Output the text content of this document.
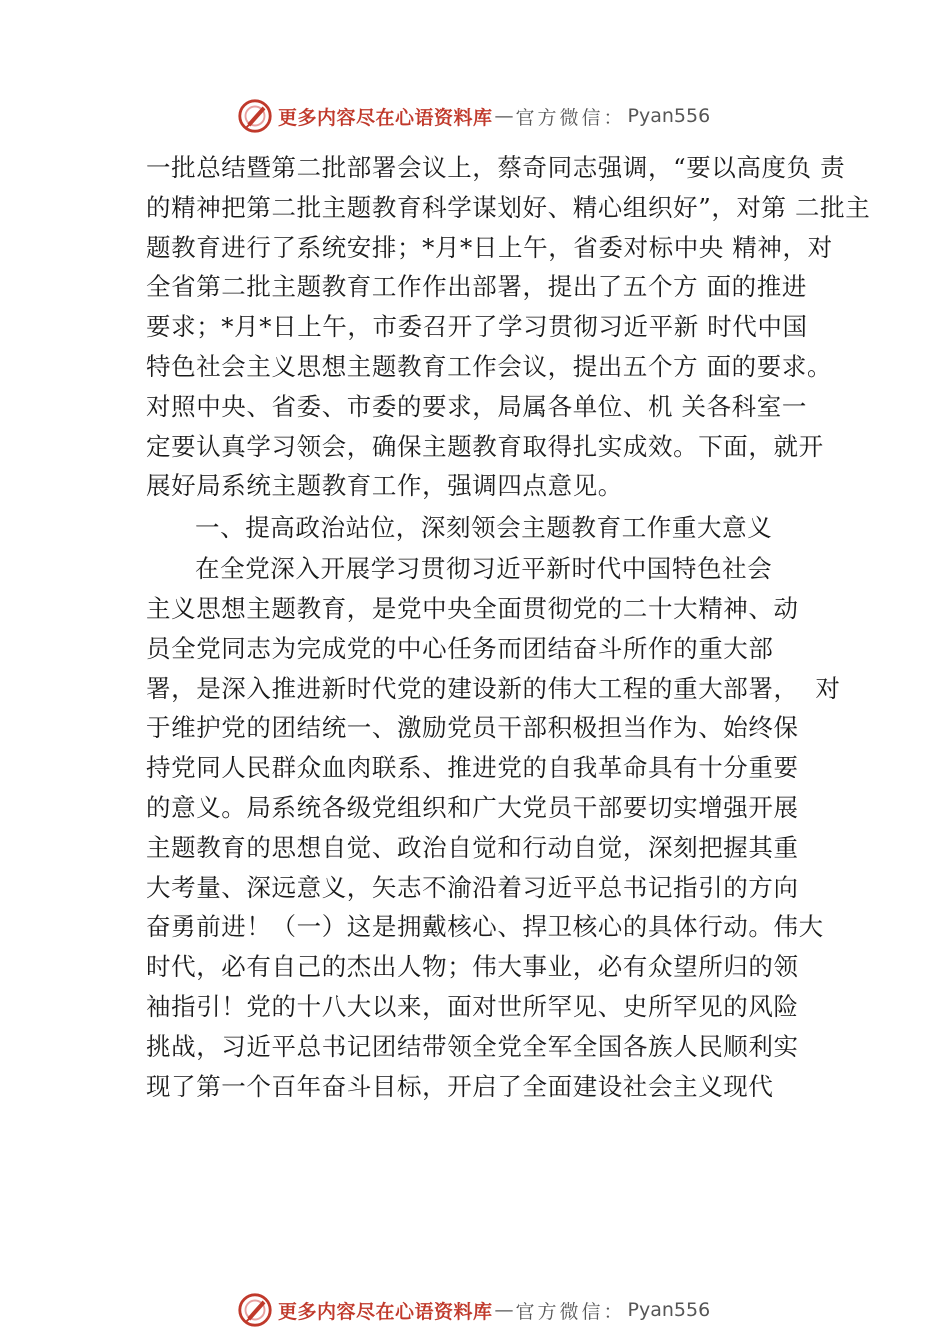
更多内容尽在心语资料库 — 官方微信： Pyan556
一批总结暨第二批部署会议上，蔡奇同志强调，“要以高度负 责
的精神把第二批主题教育科学谋划好、精心组织好”，对第 二批主
题教育进行了系统安排；*月*日上午，省委对标中央 精神，对
全省第二批主题教育工作作出部署，提出了五个方 面的推进
要求；*月*日上午，市委召开了学习贯彻习近平新 时代中国
特色社会主义思想主题教育工作会议，提出五个方 面的要求。
对照中央、省委、市委的要求，局属各单位、机 关各科室一
定要认真学习领会，确保主题教育取得扎实成效。下面，就开
展好局系统主题教育工作，强调四点意见。
一、提高政治站位，深刻领会主题教育工作重大意义
在全党深入开展学习贯彻习近平新时代中国特色社会
主义思想主题教育，是党中央全面贯彻党的二十大精神、动
员全党同志为完成党的中心任务而团结奋斗所作的重大部
署，是深入推进新时代党的建设新的伟大工程的重大部署，  对
于维护党的团结统一、激励党员干部积极担当作为、始终保
持党同人民群众血肉联系、推进党的自我革命具有十分重要
的意义。局系统各级党组织和广大党员干部要切实增强开展
主题教育的思想自觉、政治自觉和行动自觉，深刻把握其重
大考量、深远意义，矢志不渝沿着习近平总书记指引的方向
奋勇前进！（一）这是拥戴核心、捍卫核心的具体行动。伟大
时代，必有自己的杰出人物；伟大事业，必有众望所归的领
袖指引！党的十八大以来，面对世所罕见、史所罕见的风险
挑战，习近平总书记团结带领全党全军全国各族人民顺利实
现了第一个百年奋斗目标，开启了全面建设社会主义现代
更多内容尽在心语资料库 — 官方微信： Pyan556
